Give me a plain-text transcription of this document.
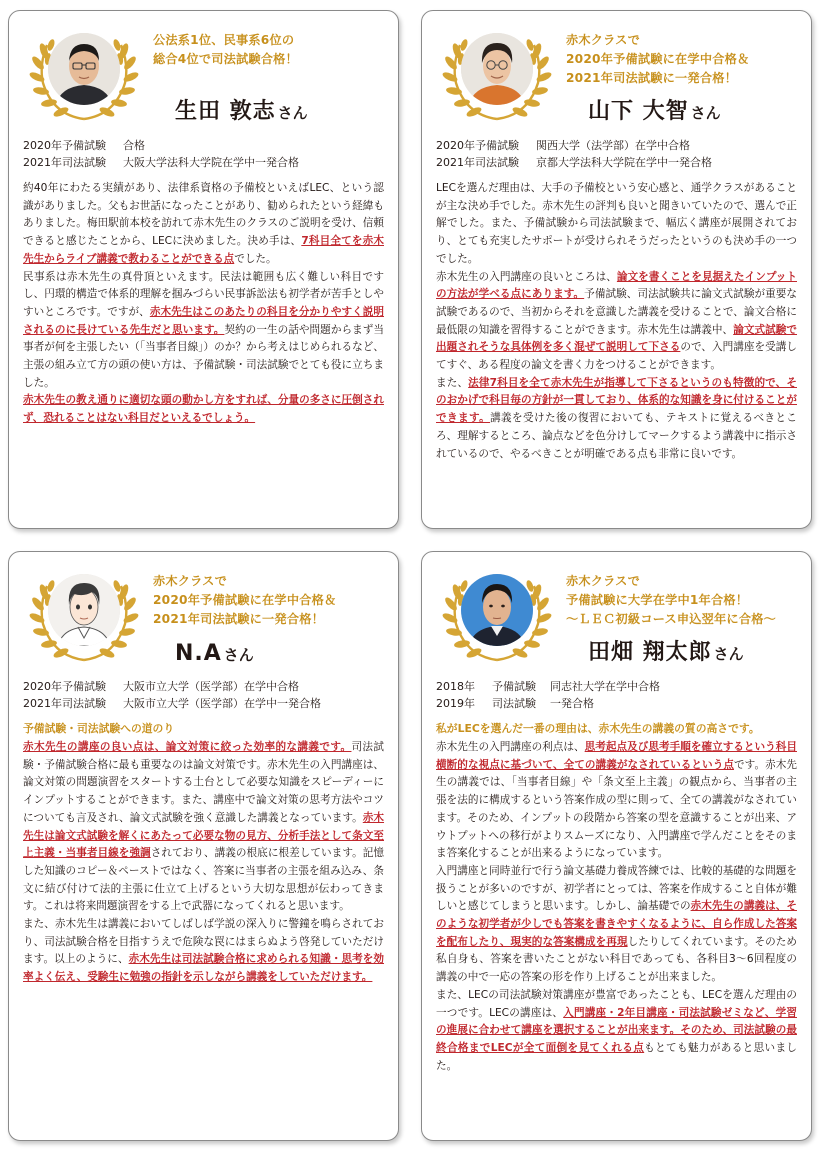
公法系1位、民事系6位の
総合4位で司法試験合格！
生田 敦志 さん
2020年予備試験 合格
2021年司法試験 大阪大学法科大学院在学中一発合格

約40年にわたる実績があり、法律系資格の予備校といえばLEC、という認識がありました。父もお世話になったことがあり、勧められたという経緯もありました。梅田駅前本校を訪れて赤木先生のクラスのご説明を受け、信頼できると感じたことから、LECに決めました。決め手は、7科目全てを赤木先生からライブ講義で教わることができる点でした。

民事系は赤木先生の真骨頂といえます。民法は範囲も広く難しい科目ですし、円環的構造で体系的理解を掴みづらい民事訴訟法も初学者が苦手としやすいところです。ですが、赤木先生はこのあたりの科目を分かりやすく説明されるのに長けている先生だと思います。契約の一生の話や問題からまず当事者が何を主張したい（「当事者目線」）のか？から考えはじめられるなど、主張の組み立て方の頭の使い方は、予備試験・司法試験でとても役に立ちました。

赤木先生の教え通りに適切な頭の動かし方をすれば、分量の多さに圧倒されず、恐れることはない科目だといえるでしょう。

赤木クラスで
2020年予備試験に在学中合格＆
2021年司法試験に一発合格！
山下 大智 さん
2020年予備試験 関西大学（法学部）在学中合格
2021年司法試験 京都大学法科大学院在学中一発合格

LECを選んだ理由は、大手の予備校という安心感と、通学クラスがあることが主な決め手でした。赤木先生の評判も良いと聞きいていたので、選んで正解でした。また、予備試験から司法試験まで、幅広く講座が展開されており、とても充実したサポートが受けられそうだったというのも決め手の一つでした。

赤木先生の入門講座の良いところは、論文を書くことを見据えたインプットの方法が学べる点にあります。予備試験、司法試験共に論文式試験が重要な試験であるので、当初からそれを意識した講義を受けることで、論文合格に最低限の知識を習得することができます。赤木先生は講義中、論文式試験で出題されそうな具体例を多く混ぜて説明して下さるので、入門講座を受講してすぐ、ある程度の論文を書く力をつけることができます。

また、法律7科目を全て赤木先生が指導して下さるというのも特徴的で、そのおかげで科目毎の方針が一貫しており、体系的な知識を身に付けることができます。講義を受けた後の復習においても、テキストに覚えるべきところ、理解するところ、論点などを色分けしてマークするよう講義中に指示されているので、やるべきことが明確である点も非常に良いです。

赤木クラスで
2020年予備試験に在学中合格＆
2021年司法試験に一発合格！
N.A さん
2020年予備試験 大阪市立大学（医学部）在学中合格
2021年司法試験 大阪市立大学（医学部）在学中一発合格
予備試験・司法試験への道のり

赤木先生の講座の良い点は、論文対策に絞った効率的な講義です。司法試験・予備試験合格に最も重要なのは論文対策です。赤木先生の入門講座は、論文対策の問題演習をスタートする土台として必要な知識をスピーディーにインプットすることができます。また、講座中で論文対策の思考方法やコツについても言及され、論文式試験を強く意識した講義となっています。赤木先生は論文式試験を解くにあたって必要な物の見方、分析手法として条文至上主義・当事者目線を強調されており、講義の根底に根差しています。記憶した知識のコピー＆ペーストではなく、答案に当事者の主張を組み込み、条文に結び付けて法的主張に仕立て上げるという大切な思想が伝わってきます。これは将来問題演習をする上で武器になってくれると思います。

また、赤木先生は講義においてしばしば学説の深入りに警鐘を鳴らされており、司法試験合格を目指すうえで危険な罠にはまらぬよう啓発していただけます。以上のように、赤木先生は司法試験合格に求められる知識・思考を効率よく伝え、受験生に勉強の指針を示しながら講義をしていただけます。

赤木クラスで
予備試験に大学在学中1年合格！
〜ＬＥＣ初級コース申込翌年に合格〜
田畑 翔太郎 さん
2018年 予備試験 同志社大学在学中合格
2019年 司法試験 一発合格
私がLECを選んだ一番の理由は、赤木先生の講義の質の高さです。

赤木先生の入門講座の利点は、思考起点及び思考手順を確立するという科目横断的な視点に基づいて、全ての講義がなされているという点です。赤木先生の講義では、「当事者目線」や「条文至上主義」の観点から、当事者の主張を法的に構成するという答案作成の型に則って、全ての講義がなされています。そのため、インプットの段階から答案の型を意識することが出来、アウトプットへの移行がよりスムーズになり、入門講座で学んだことをそのまま答案化することが出来るようになっています。

入門講座と同時並行で行う論文基礎力養成答練では、比較的基礎的な問題を扱うことが多いのですが、初学者にとっては、答案を作成すること自体が難しいと感じてしまうと思います。しかし、論基礎での赤木先生の講義は、そのような初学者が少しでも答案を書きやすくなるように、自ら作成した答案を配布したり、現実的な答案構成を再現したりしてくれています。そのため私自身も、答案を書いたことがない科目であっても、各科目3〜6回程度の講義の中で一応の答案の形を作り上げることが出来ました。

また、LECの司法試験対策講座が豊富であったことも、LECを選んだ理由の一つです。LECの講座は、入門講座・2年目講座・司法試験ゼミなど、学習の進展に合わせて講座を選択することが出来ます。そのため、司法試験の最終合格までLECが全て面倒を見てくれる点もとても魅力があると思いました。
